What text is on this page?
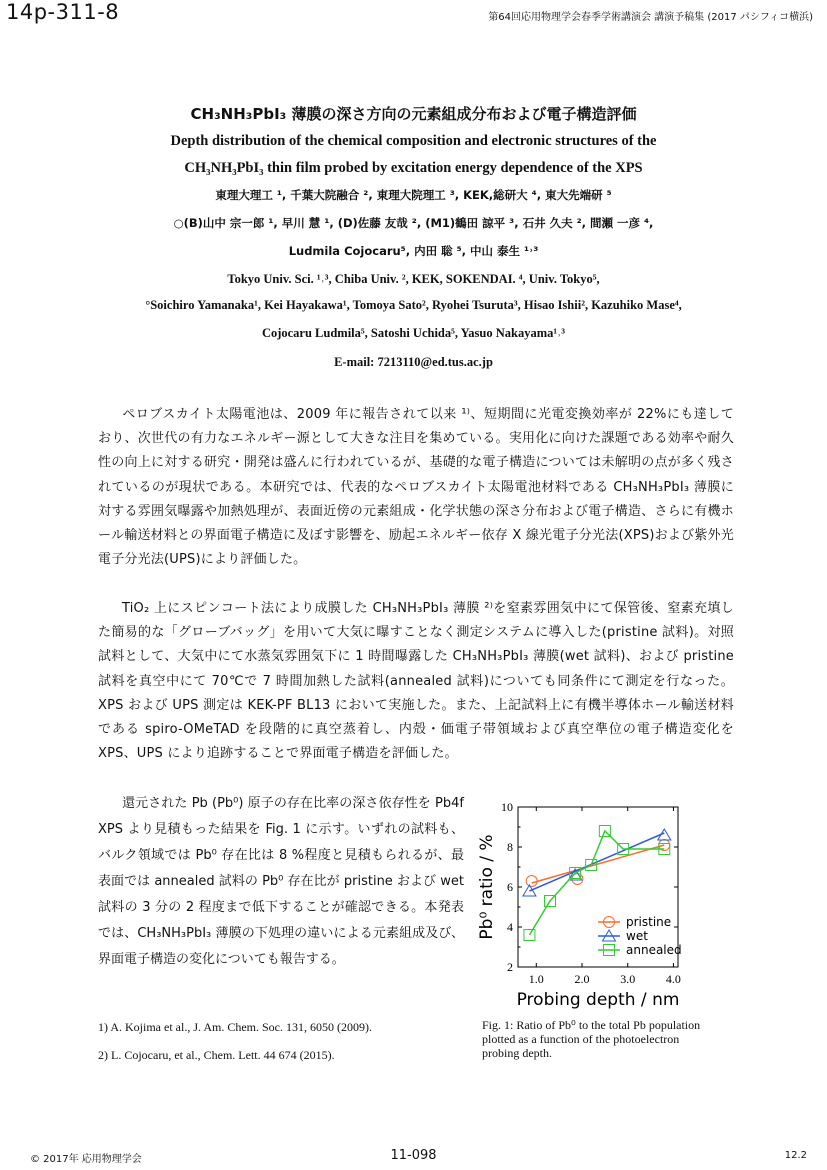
14p-311-8	第64回応用物理学会春季学術講演会 講演予稿集 (2017 パシフィコ横浜)
CH₃NH₃PbI₃ 薄膜の深さ方向の元素組成分布および電子構造評価
Depth distribution of the chemical composition and electronic structures of the
CH₃NH₃PbI₃ thin film probed by excitation energy dependence of the XPS
東理大理工 ¹, 千葉大院融合 ², 東理大院理工 ³, KEK,総研大 ⁴, 東大先端研 ⁵
○(B)山中 宗一郎 ¹, 早川 慧 ¹, (D)佐藤 友哉 ², (M1)鶴田 諒平 ³, 石井 久夫 ², 間瀬 一彦 ⁴,
Ludmila Cojocaru⁵, 内田 聡 ⁵, 中山 泰生 ¹˒³
Tokyo Univ. Sci. ¹˒³, Chiba Univ. ², KEK, SOKENDAI. ⁴, Univ. Tokyo⁵,
°Soichiro Yamanaka¹, Kei Hayakawa¹, Tomoya Sato², Ryohei Tsuruta³, Hisao Ishii², Kazuhiko Mase⁴,
Cojocaru Ludmila⁵, Satoshi Uchida⁵, Yasuo Nakayama¹˒³
E-mail: 7213110@ed.tus.ac.jp
ペロブスカイト太陽電池は、2009 年に報告されて以来 ¹⁾、短期間に光電変換効率が 22%にも達しており、次世代の有力なエネルギー源として大きな注目を集めている。実用化に向けた課題である効率や耐久性の向上に対する研究・開発は盛んに行われているが、基礎的な電子構造については未解明の点が多く残されているのが現状である。本研究では、代表的なペロブスカイト太陽電池材料である CH₃NH₃PbI₃ 薄膜に対する雰囲気曝露や加熱処理が、表面近傍の元素組成・化学状態の深さ分布および電子構造、さらに有機ホール輸送材料との界面電子構造に及ぼす影響を、励起エネルギー依存 X 線光電子分光法(XPS)および紫外光電子分光法(UPS)により評価した。
TiO₂ 上にスピンコート法により成膜した CH₃NH₃PbI₃ 薄膜 ²⁾を窒素雰囲気中にて保管後、窒素充填した簡易的な「グローブバッグ」を用いて大気に曝すことなく測定システムに導入した(pristine 試料)。対照試料として、大気中にて水蒸気雰囲気下に 1 時間曝露した CH₃NH₃PbI₃ 薄膜(wet 試料)、および pristine 試料を真空中にて 70℃で 7 時間加熱した試料(annealed 試料)についても同条件にて測定を行なった。XPS および UPS 測定は KEK-PF BL13 において実施した。また、上記試料上に有機半導体ホール輸送材料である spiro-OMeTAD を段階的に真空蒸着し、内殻・価電子帯領域および真空準位の電子構造変化を XPS、UPS により追跡することで界面電子構造を評価した。
還元された Pb (Pb⁰) 原子の存在比率の深さ依存性を Pb4f XPS より見積もった結果を Fig. 1 に示す。いずれの試料も、バルク領域では Pb⁰ 存在比は 8 %程度と見積もられるが、最表面では annealed 試料の Pb⁰ 存在比が pristine および wet 試料の 3 分の 2 程度まで低下することが確認できる。本発表では、CH₃NH₃PbI₃ 薄膜の下処理の違いによる元素組成及び、界面電子構造の変化についても報告する。
1) A. Kojima et al., J. Am. Chem. Soc. 131, 6050 (2009).
2) L. Cojocaru, et al., Chem. Lett. 44 674 (2015).
1.0	2.0	3.0	4.0
2
4
6
8
10
Probing depth / nm
Pb⁰ ratio / %	pristine
wet
annealed
Fig. 1: Ratio of Pb⁰ to the total Pb population plotted as a function of the photoelectron probing depth.
© 2017年 応用物理学会	11-098	12.2
